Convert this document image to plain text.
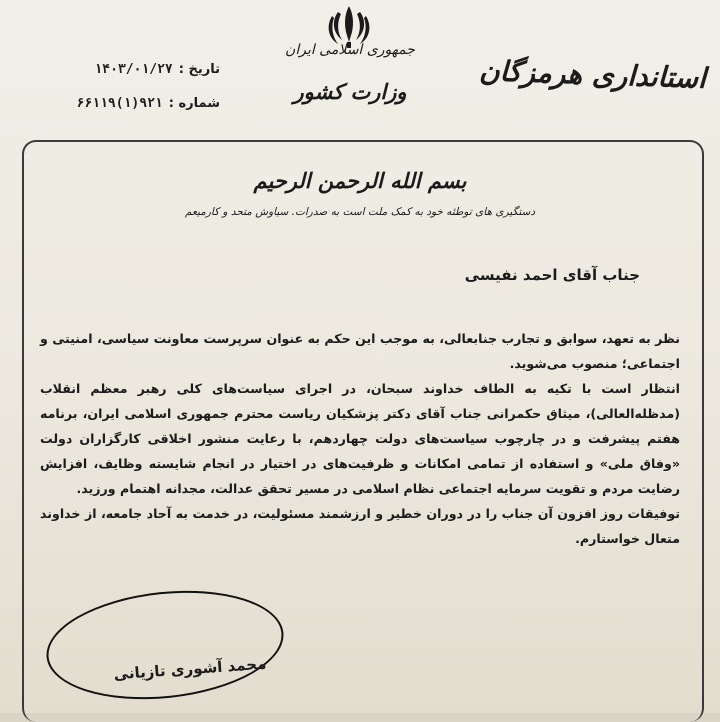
جمهوری اسلامی ایران
وزارت کشور	استانداری هرمزگان
تاریخ :
۱۴۰۳/۰۱/۲۷
شماره :
۹۲۱(۱)۶۶۱۱۹
بسم الله الرحمن الرحیم
دستگیری های توطئه خود به کمک ملت است به صدرات. سیاوش متحد و کارمیعم
جناب آقای احمد نفیسی

نظر به تعهد، سوابق و تجارب جنابعالی، به موجب این حکم به عنوان سرپرست معاونت سیاسی، امنیتی و اجتماعی؛ منصوب می‌شوید.

انتظار است با تکیه به الطاف خداوند سبحان، در اجرای سیاست‌های کلی رهبر معظم انقلاب (مدظله‌العالی)، میثاق حکمرانی جناب آقای دکتر پزشکیان ریاست محترم جمهوری اسلامی ایران، برنامه هفتم پیشرفت و در چارچوب سیاست‌های دولت چهاردهم، با رعایت منشور اخلاقی کارگزاران دولت «وفاق ملی» و استفاده از تمامی امکانات و ظرفیت‌های در اختیار در انجام شایسته وظایف، افزایش رضایت مردم و تقویت سرمایه اجتماعی نظام اسلامی در مسیر تحقق عدالت، مجدانه اهتمام ورزید.

توفیقات روز افزون آن جناب را در دوران خطیر و ارزشمند مسئولیت، در خدمت به آحاد جامعه، از خداوند متعال خواستارم.

محمد آشوری تازیانی
